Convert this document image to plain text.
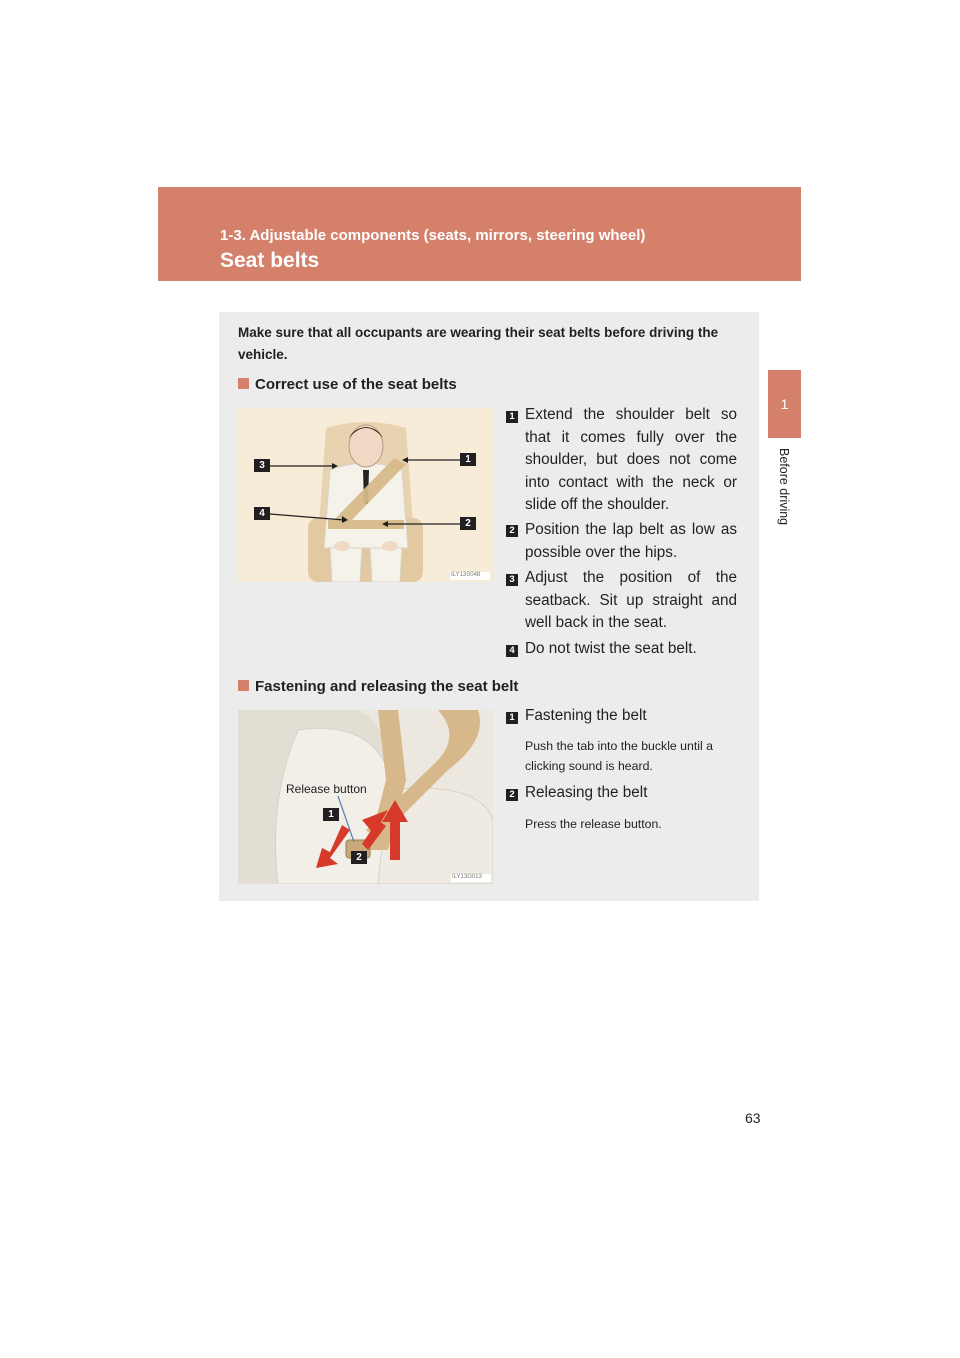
1-3. Adjustable components (seats, mirrors, steering wheel)
Seat belts
1
Before driving
Make sure that all occupants are wearing their seat belts before driving the vehicle.
Correct use of the seat belts
3
4
1
2
ILY13S048
1 Extend the shoulder belt so that it comes fully over the shoulder, but does not come into contact with the neck or slide off the shoulder.
2 Position the lap belt as low as possible over the hips.
3 Adjust the position of the seatback. Sit up straight and well back in the seat.
4 Do not twist the seat belt.
Fastening and releasing the seat belt
Release button
1
2
ILY13G013
1 Fastening the belt
Push the tab into the buckle until a clicking sound is heard.
2 Releasing the belt
Press the release button.
63
